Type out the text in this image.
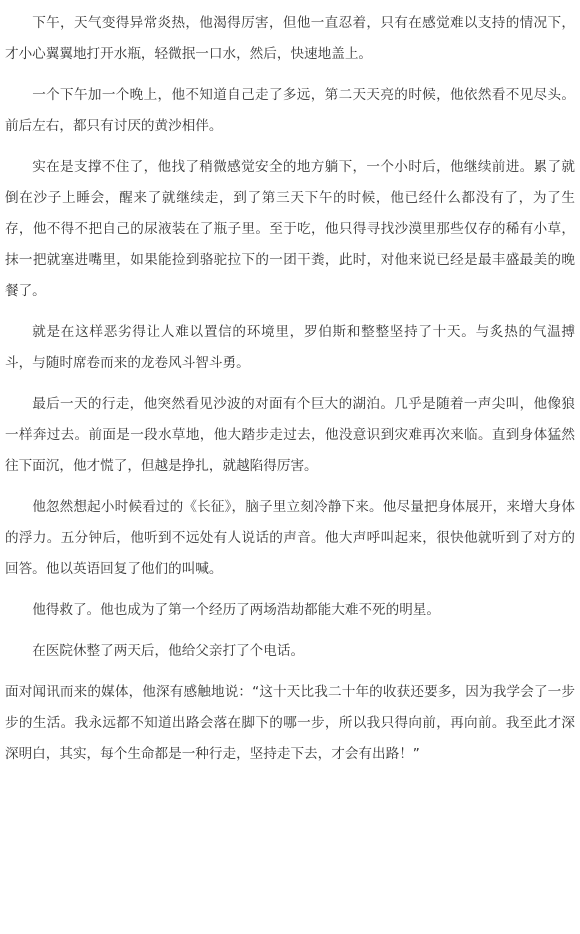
下午，天气变得异常炎热，他渴得厉害，但他一直忍着，只有在感觉难以支持的情况下，才小心翼翼地打开水瓶，轻微抿一口水，然后，快速地盖上。

一个下午加一个晚上，他不知道自己走了多远，第二天天亮的时候，他依然看不见尽头。前后左右，都只有讨厌的黄沙相伴。

实在是支撑不住了，他找了稍微感觉安全的地方躺下，一个小时后，他继续前进。累了就倒在沙子上睡会，醒来了就继续走，到了第三天下午的时候，他已经什么都没有了，为了生存，他不得不把自己的尿液装在了瓶子里。至于吃，他只得寻找沙漠里那些仅存的稀有小草，抹一把就塞进嘴里，如果能捡到骆驼拉下的一团干粪，此时，对他来说已经是最丰盛最美的晚餐了。

就是在这样恶劣得让人难以置信的环境里，罗伯斯和整整坚持了十天。与炙热的气温搏斗，与随时席卷而来的龙卷风斗智斗勇。

最后一天的行走，他突然看见沙波的对面有个巨大的湖泊。几乎是随着一声尖叫，他像狼一样奔过去。前面是一段水草地，他大踏步走过去，他没意识到灾难再次来临。直到身体猛然往下面沉，他才慌了，但越是挣扎，就越陷得厉害。

他忽然想起小时候看过的《长征》，脑子里立刻冷静下来。他尽量把身体展开，来增大身体的浮力。五分钟后，他听到不远处有人说话的声音。他大声呼叫起来，很快他就听到了对方的回答。他以英语回复了他们的叫喊。

他得救了。他也成为了第一个经历了两场浩劫都能大难不死的明星。

在医院休整了两天后，他给父亲打了个电话。

面对闻讯而来的媒体，他深有感触地说：“这十天比我二十年的收获还要多，因为我学会了一步步的生活。我永远都不知道出路会落在脚下的哪一步，所以我只得向前，再向前。我至此才深深明白，其实，每个生命都是一种行走，坚持走下去，才会有出路！”
